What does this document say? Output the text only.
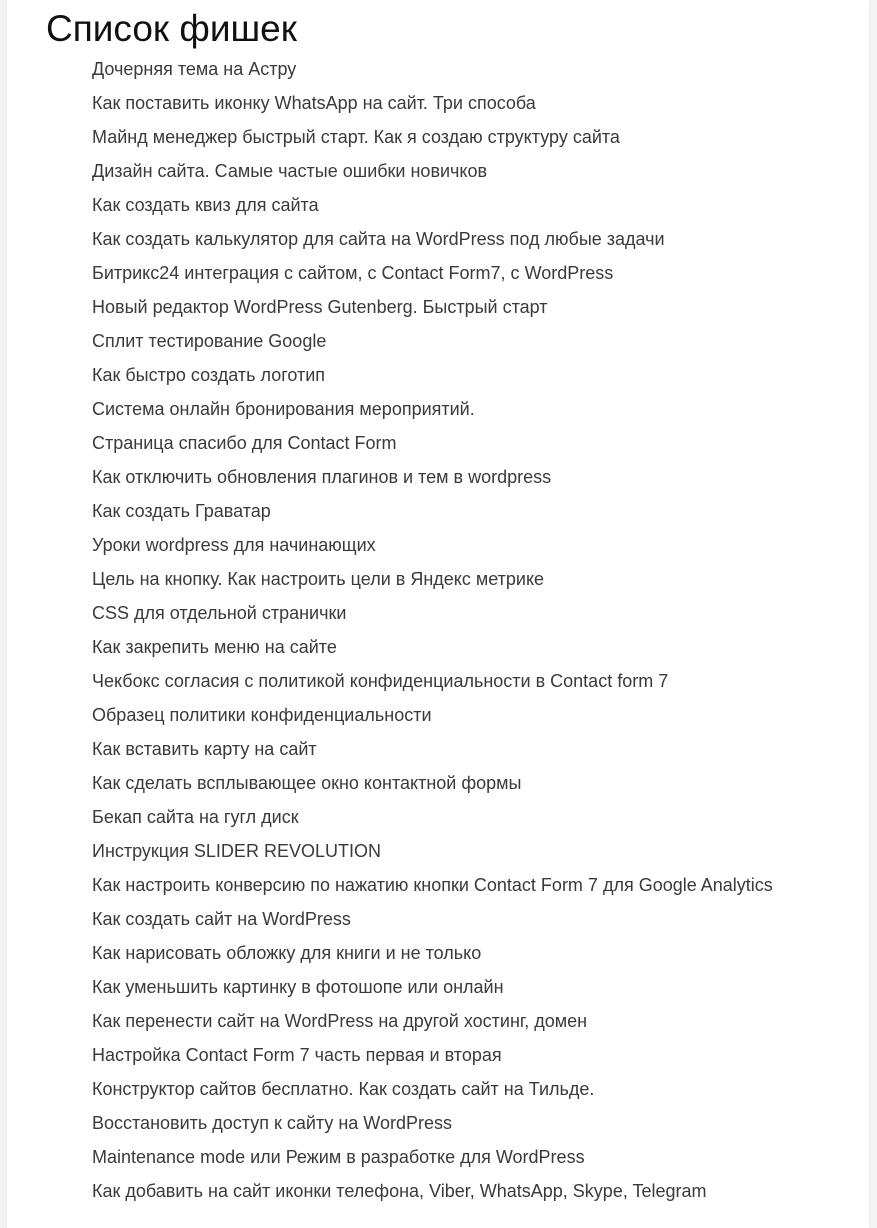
Список фишек
Дочерняя тема на Астру
Как поставить иконку WhatsApp на сайт. Три способа
Майнд менеджер быстрый старт. Как я создаю структуру сайта
Дизайн сайта. Самые частые ошибки новичков
Как создать квиз для сайта
Как создать калькулятор для сайта на WordPress под любые задачи
Битрикс24 интеграция с сайтом, с Contact Form7, с WordPress
Новый редактор WordPress Gutenberg. Быстрый старт
Сплит тестирование Google
Как быстро создать логотип
Система онлайн бронирования мероприятий.
Страница спасибо для Contact Form
Как отключить обновления плагинов и тем в wordpress
Как создать Граватар
Уроки wordpress для начинающих
Цель на кнопку. Как настроить цели в Яндекс метрике
CSS для отдельной странички
Как закрепить меню на сайте
Чекбокс согласия с политикой конфиденциальности в Contact form 7
Образец политики конфиденциальности
Как вставить карту на сайт
Как сделать всплывающее окно контактной формы
Бекап сайта на гугл диск
Инструкция SLIDER REVOLUTION
Как настроить конверсию по нажатию кнопки Contact Form 7 для Google Analytics
Как создать сайт на WordPress
Как нарисовать обложку для книги и не только
Как уменьшить картинку в фотошопе или онлайн
Как перенести сайт на WordPress на другой хостинг, домен
Настройка Contact Form 7 часть первая и вторая
Конструктор сайтов бесплатно. Как создать сайт на Тильде.
Восстановить доступ к сайту на WordPress
Maintenance mode или Режим в разработке для WordPress
Как добавить на сайт иконки телефона, Viber, WhatsApp, Skype, Telegram
